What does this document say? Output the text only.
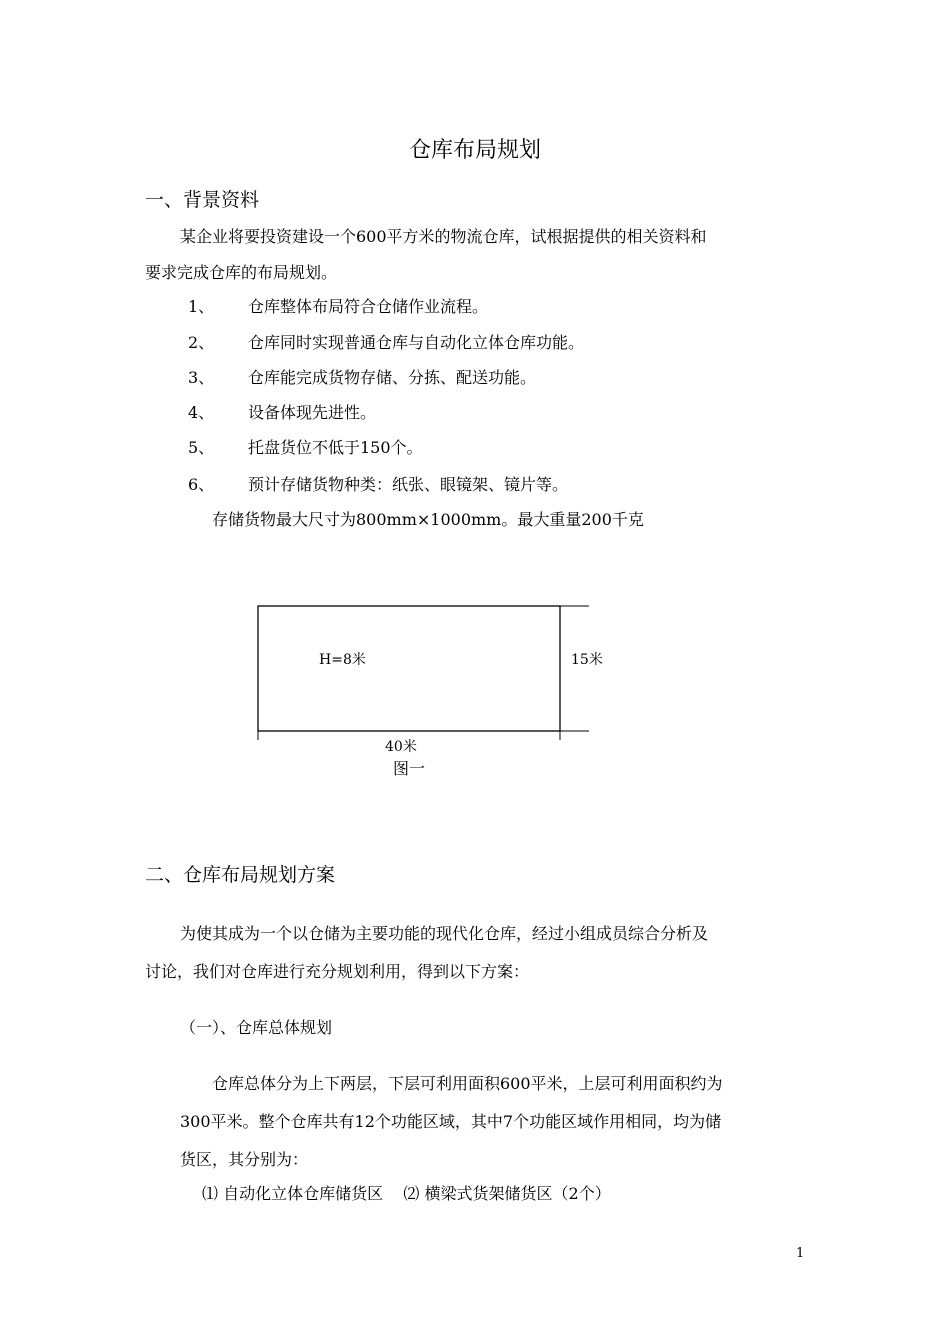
仓库布局规划
一、背景资料
某企业将要投资建设一个600平方米的物流仓库，试根据提供的相关资料和
要求完成仓库的布局规划。
1、 仓库整体布局符合仓储作业流程。
2、 仓库同时实现普通仓库与自动化立体仓库功能。
3、 仓库能完成货物存储、分拣、配送功能。
4、 设备体现先进性。
5、 托盘货位不低于150个。
6、 预计存储货物种类：纸张、眼镜架、镜片等。
存储货物最大尺寸为800mm×1000mm。最大重量200千克
H=8米	15米
40米
图一
二、仓库布局规划方案
为使其成为一个以仓储为主要功能的现代化仓库，经过小组成员综合分析及
讨论，我们对仓库进行充分规划利用，得到以下方案：
（一）、仓库总体规划
仓库总体分为上下两层，下层可利用面积600平米，上层可利用面积约为
300平米。整个仓库共有12个功能区域，其中7个功能区域作用相同，均为储
货区，其分别为：
⑴ 自动化立体仓库储货区    ⑵ 横梁式货架储货区（2个）
1
